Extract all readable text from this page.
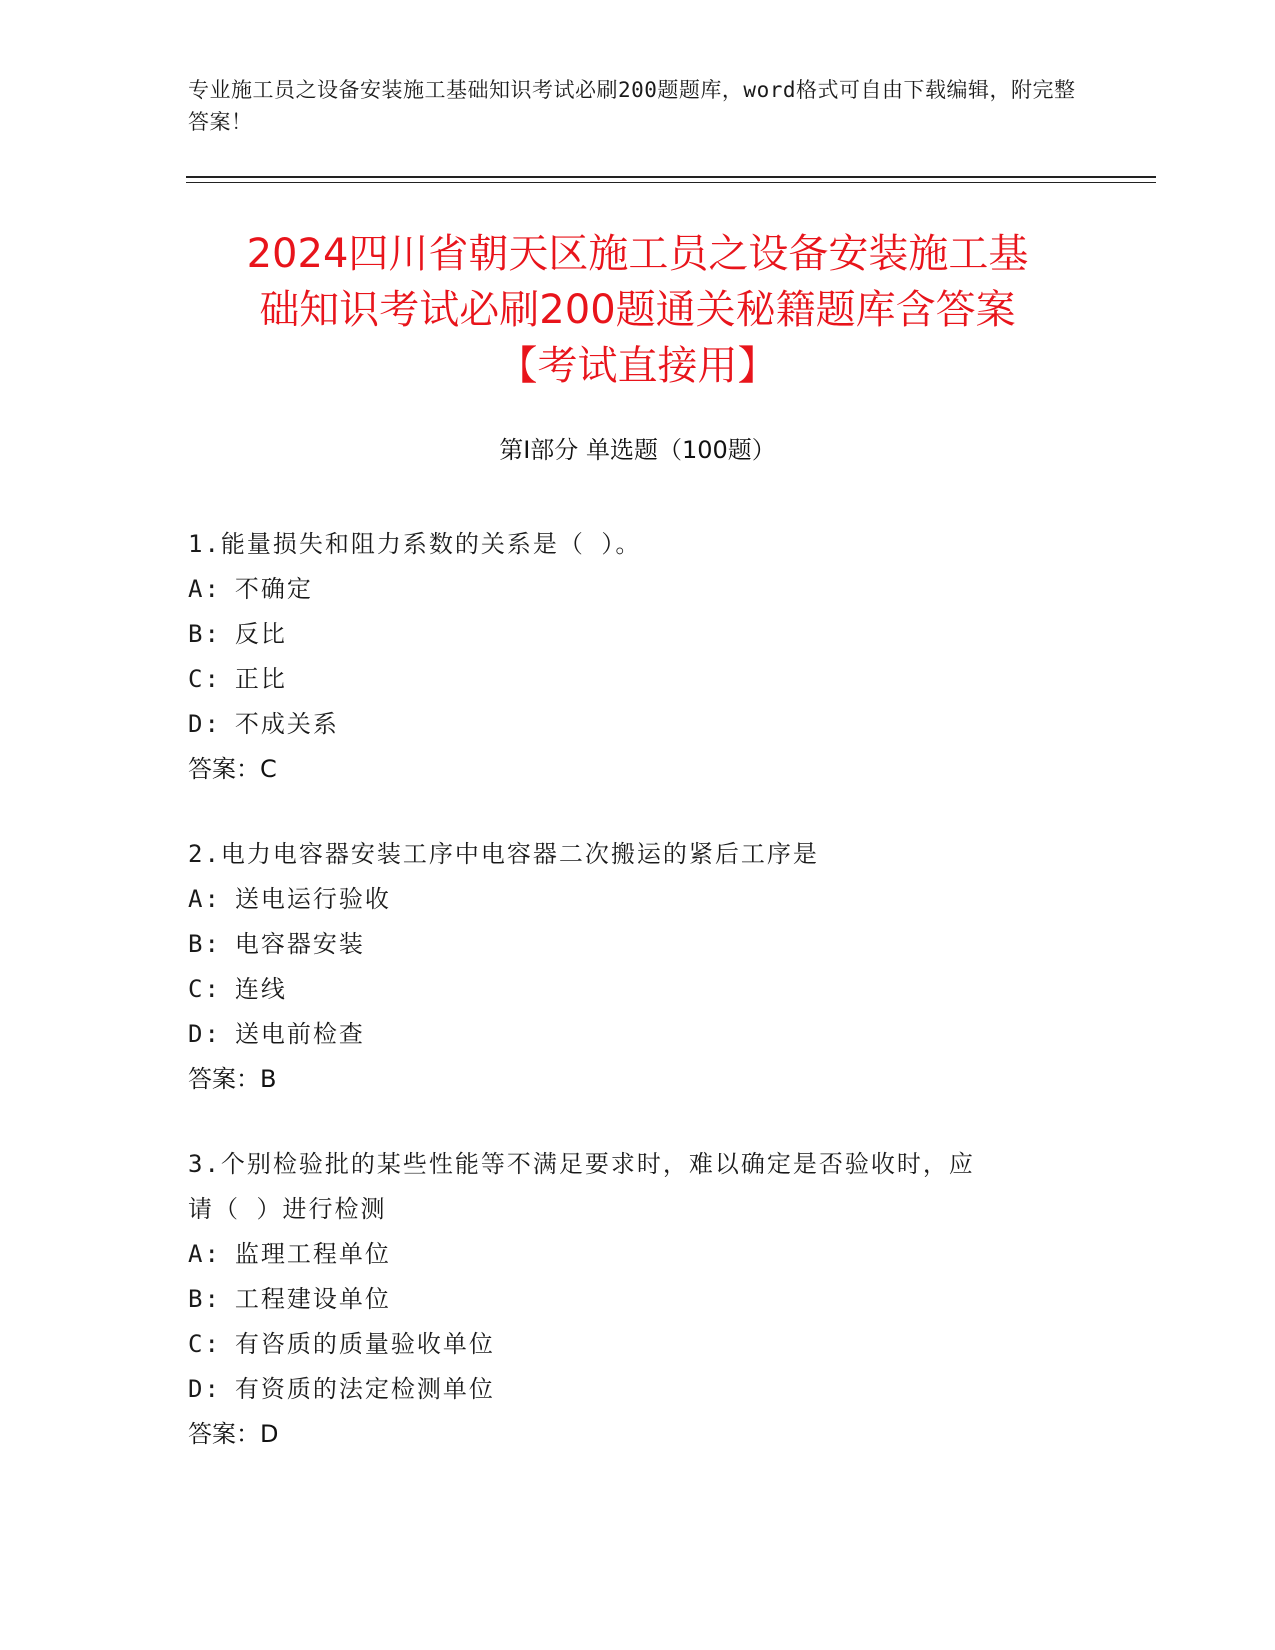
专业施工员之设备安装施工基础知识考试必刷200题题库，word格式可自由下载编辑，附完整答案！
2024四川省朝天区施工员之设备安装施工基
础知识考试必刷200题通关秘籍题库含答案
【考试直接用】
第I部分 单选题（100题）

1.能量损失和阻力系数的关系是（ ）。

A: 不确定

B: 反比

C: 正比

D: 不成关系

答案：C

2.电力电容器安装工序中电容器二次搬运的紧后工序是

A: 送电运行验收

B: 电容器安装

C: 连线

D: 送电前检查

答案：B

3.个别检验批的某些性能等不满足要求时，难以确定是否验收时，应

请（ ）进行检测

A: 监理工程单位

B: 工程建设单位

C: 有咨质的质量验收单位

D: 有资质的法定检测单位

答案：D
